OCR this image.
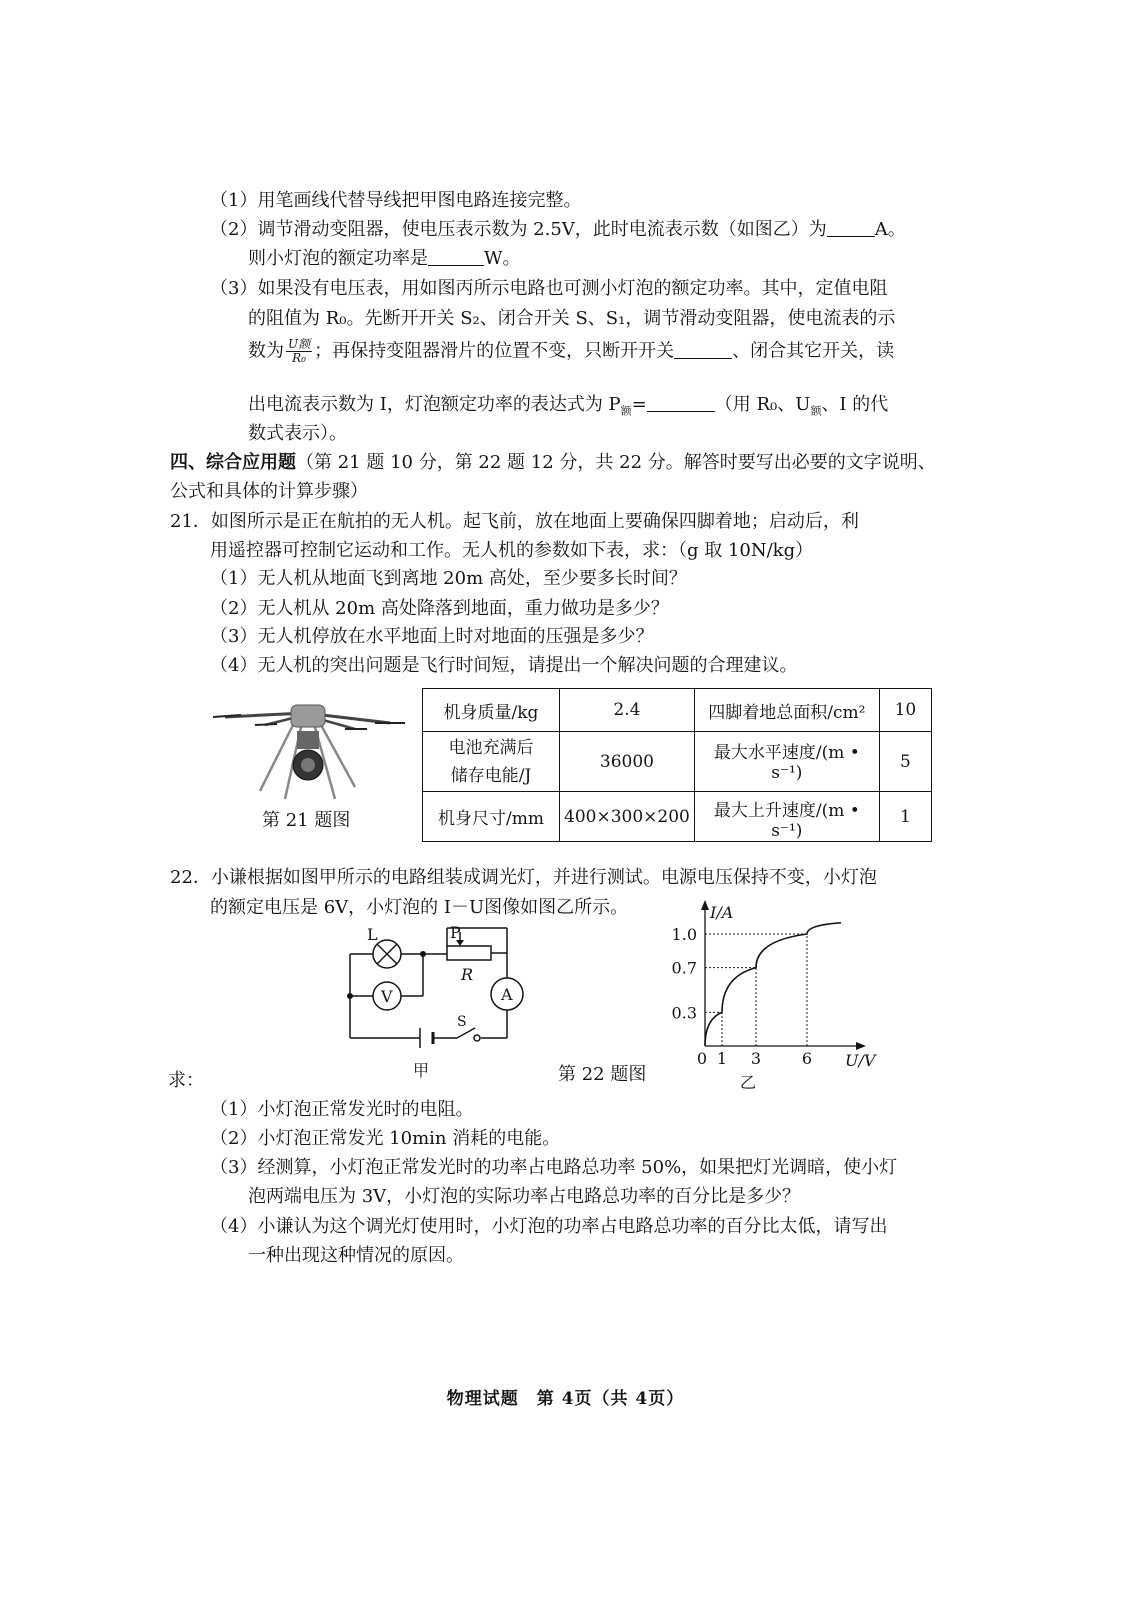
（1）用笔画线代替导线把甲图电路连接完整。
（2）调节滑动变阻器，使电压表示数为 2.5V，此时电流表示数（如图乙）为	A。
则小灯泡的额定功率是	W。
（3）如果没有电压表，用如图丙所示电路也可测小灯泡的额定功率。其中，定值电阻
的阻值为 R₀。先断开开关 S₂、闭合开关 S、S₁，调节滑动变阻器，使电流表的示
数为 $\frac{\text{U额}}{\text{R₀}}$ ；再保持变阻器滑片的位置不变，只断开开关	、闭合其它开关，读
出电流表示数为 I，灯泡额定功率的表达式为 $P_额=$	（用 R₀、$U_额$、I 的代
数式表示）。
四、综合应用题（第 21 题 10 分，第 22 题 12 分，共 22 分。解答时要写出必要的文字说明、
公式和具体的计算步骤）
21．如图所示是正在航拍的无人机。起飞前，放在地面上要确保四脚着地；启动后，利
用遥控器可控制它运动和工作。无人机的参数如下表，求：（g 取 10N/kg）
（1）无人机从地面飞到离地 20m 高处，至少要多长时间？
（2）无人机从 20m 高处降落到地面，重力做功是多少？
（3）无人机停放在水平地面上时对地面的压强是多少？
（4）无人机的突出问题是飞行时间短，请提出一个解决问题的合理建议。
第 21 题图
机身质量/kg	2.4	四脚着地总面积/cm²	10

电池充满后
储存电能/J	36000	最大水平速度/(m • s⁻¹)	5
机身尺寸/mm	400×300×200	最大上升速度/(m • s⁻¹)	1
22．小谦根据如图甲所示的电路组装成调光灯，并进行测试。电源电压保持不变，小灯泡
的额定电压是 6V，小灯泡的 I－U图像如图乙所示。
L	P
R
V	A
S
甲
求：	第 22 题图
I/A
U/V
0 1 3	6
0.3
0.7
1.0
乙
（1）小灯泡正常发光时的电阻。
（2）小灯泡正常发光 10min 消耗的电能。
（3）经测算，小灯泡正常发光时的功率占电路总功率 50%，如果把灯光调暗，使小灯
泡两端电压为 3V，小灯泡的实际功率占电路总功率的百分比是多少？
（4）小谦认为这个调光灯使用时，小灯泡的功率占电路总功率的百分比太低，请写出
一种出现这种情况的原因。
物理试题　第 4页（共 4页）
